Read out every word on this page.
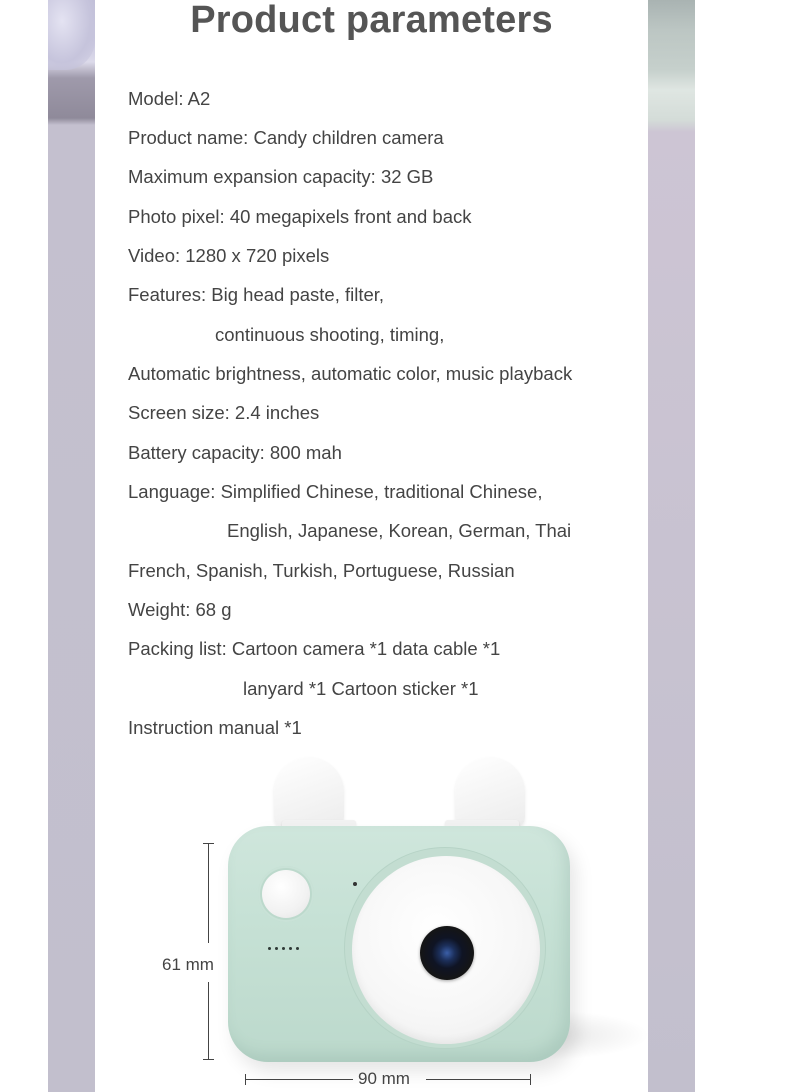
Product parameters
Model: A2
Product name: Candy children camera
Maximum expansion capacity: 32 GB
Photo pixel: 40 megapixels front and back
Video: 1280 x 720 pixels
Features: Big head paste, filter,
continuous shooting, timing,
Automatic brightness, automatic color, music playback
Screen size: 2.4 inches
Battery capacity: 800 mah
Language: Simplified Chinese, traditional Chinese,
English, Japanese, Korean, German, Thai
French, Spanish, Turkish, Portuguese, Russian
Weight: 68 g
Packing list: Cartoon camera *1 data cable *1
lanyard *1 Cartoon sticker *1
Instruction manual *1
61 mm
90 mm
